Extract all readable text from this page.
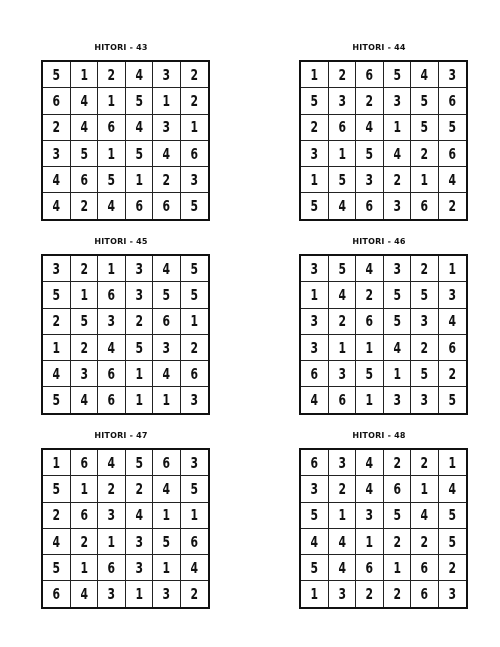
HITORI - 43
5	1	2	4	3	2
6	4	1	5	1	2
2	4	6	4	3	1
3	5	1	5	4	6
4	6	5	1	2	3
4	2	4	6	6	5
HITORI - 44
1	2	6	5	4	3
5	3	2	3	5	6
2	6	4	1	5	5
3	1	5	4	2	6
1	5	3	2	1	4
5	4	6	3	6	2
HITORI - 45
3	2	1	3	4	5
5	1	6	3	5	5
2	5	3	2	6	1
1	2	4	5	3	2
4	3	6	1	4	6
5	4	6	1	1	3
HITORI - 46
3	5	4	3	2	1
1	4	2	5	5	3
3	2	6	5	3	4
3	1	1	4	2	6
6	3	5	1	5	2
4	6	1	3	3	5
HITORI - 47
1	6	4	5	6	3
5	1	2	2	4	5
2	6	3	4	1	1
4	2	1	3	5	6
5	1	6	3	1	4
6	4	3	1	3	2
HITORI - 48
6	3	4	2	2	1
3	2	4	6	1	4
5	1	3	5	4	5
4	4	1	2	2	5
5	4	6	1	6	2
1	3	2	2	6	3
